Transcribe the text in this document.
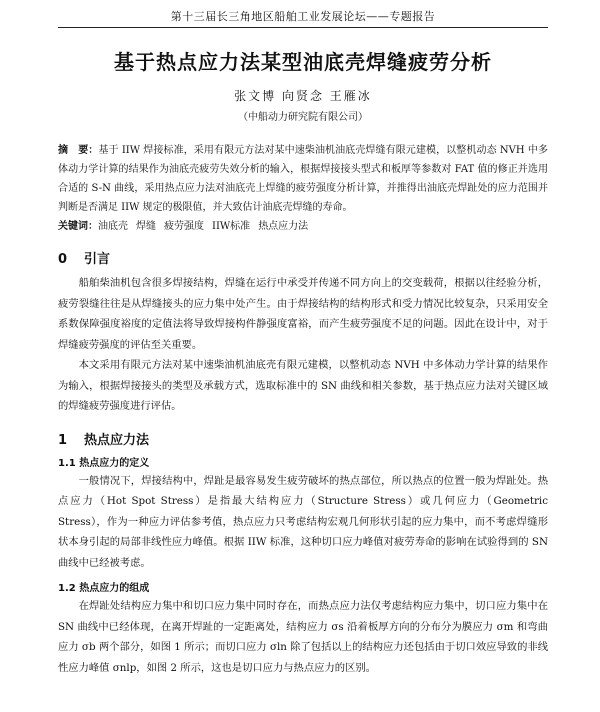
第十三届长三角地区船舶工业发展论坛——专题报告
基于热点应力法某型油底壳焊缝疲劳分析
张文博 向贤念 王雁冰
（中船动力研究院有限公司）
摘　要：基于 IIW 焊接标准，采用有限元方法对某中速柴油机油底壳焊缝有限元建模，以整机动态 NVH 中多体动力学计算的结果作为油底壳疲劳失效分析的输入，根据焊接接头型式和板厚等参数对 FAT 值的修正并选用合适的 S-N 曲线，采用热点应力法对油底壳上焊缝的疲劳强度分析计算，并推得出油底壳焊趾处的应力范围并判断是否满足 IIW 规定的极限值，并大致估计油底壳焊缝的寿命。
关键词：油底壳 焊缝 疲劳强度 IIW标准 热点应力法
0 引言

船舶柴油机包含很多焊接结构，焊缝在运行中承受并传递不同方向上的交变载荷，根据以往经验分析，疲劳裂缝往往是从焊缝接头的应力集中处产生。由于焊接结构的结构形式和受力情况比较复杂，只采用安全系数保障强度裕度的定值法将导致焊接构件静强度富裕，而产生疲劳强度不足的问题。因此在设计中，对于焊缝疲劳强度的评估至关重要。

本文采用有限元方法对某中速柴油机油底壳有限元建模，以整机动态 NVH 中多体动力学计算的结果作为输入，根据焊接接头的类型及承载方式，选取标准中的 SN 曲线和相关参数，基于热点应力法对关键区域的焊缝疲劳强度进行评估。

1 热点应力法
1.1 热点应力的定义

一般情况下，焊接结构中，焊趾是最容易发生疲劳破坏的热点部位，所以热点的位置一般为焊趾处。热点应力（Hot Spot Stress）是指最大结构应力（Structure Stress）或几何应力（Geometric Stress），作为一种应力评估参考值，热点应力只考虑结构宏观几何形状引起的应力集中，而不考虑焊缝形状本身引起的局部非线性应力峰值。根据 IIW 标准，这种切口应力峰值对疲劳寿命的影响在试验得到的 SN 曲线中已经被考虑。

1.2 热点应力的组成

在焊趾处结构应力集中和切口应力集中同时存在，而热点应力法仅考虑结构应力集中，切口应力集中在 SN 曲线中已经体现，在离开焊趾的一定距离处，结构应力 σs 沿着板厚方向的分布分为膜应力 σm 和弯曲应力 σb 两个部分，如图 1 所示；而切口应力 σln 除了包括以上的结构应力还包括由于切口效应导致的非线性应力峰值 σnlp，如图 2 所示，这也是切口应力与热点应力的区别。
